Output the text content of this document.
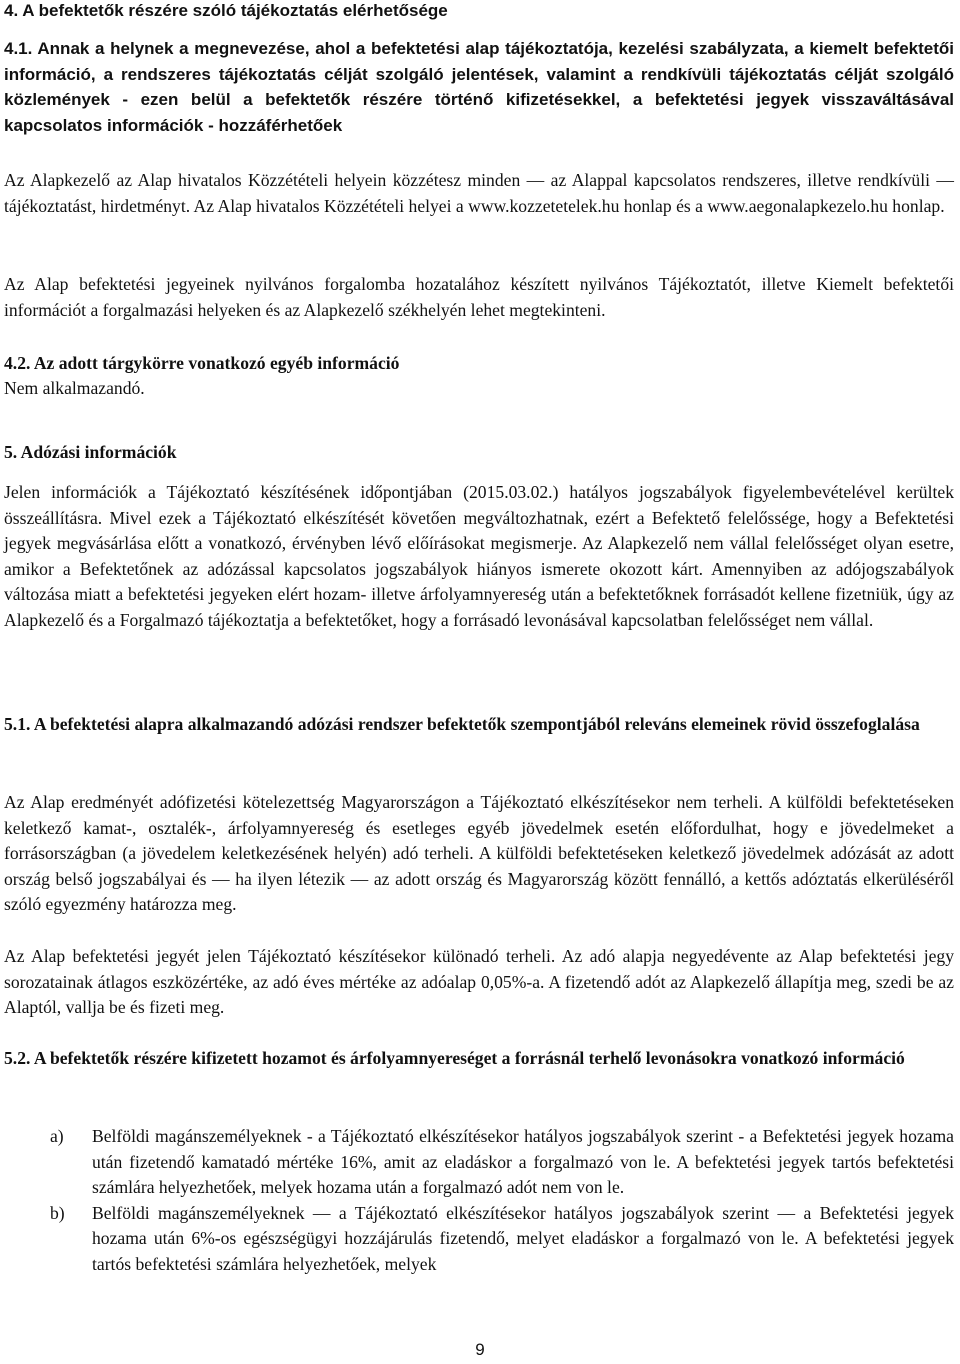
4. A befektetők részére szóló tájékoztatás elérhetősége
4.1. Annak a helynek a megnevezése, ahol a befektetési alap tájékoztatója, kezelési szabályzata, a kiemelt befektetői információ, a rendszeres tájékoztatás célját szolgáló jelentések, valamint a rendkívüli tájékoztatás célját szolgáló közlemények - ezen belül a befektetők részére történő kifizetésekkel, a befektetési jegyek visszaváltásával kapcsolatos információk - hozzáférhetőek

Az Alapkezelő az Alap hivatalos Közzétételi helyein közzétesz minden — az Alappal kapcsolatos rendszeres, illetve rendkívüli — tájékoztatást, hirdetményt. Az Alap hivatalos Közzétételi helyei a www.kozzetetelek.hu honlap és a www.aegonalapkezelo.hu honlap.

Az Alap befektetési jegyeinek nyilvános forgalomba hozatalához készített nyilvános Tájékoztatót, illetve Kiemelt befektetői információt a forgalmazási helyeken és az Alapkezelő székhelyén lehet megtekinteni.

4.2. Az adott tárgykörre vonatkozó egyéb információ
Nem alkalmazandó.
5. Adózási információk

Jelen információk a Tájékoztató készítésének időpontjában (2015.03.02.) hatályos jogszabályok figyelembevételével kerültek összeállításra. Mivel ezek a Tájékoztató elkészítését követően megváltozhatnak, ezért a Befektető felelőssége, hogy a Befektetési jegyek megvásárlása előtt a vonatkozó, érvényben lévő előírásokat megismerje. Az Alapkezelő nem vállal felelősséget olyan esetre, amikor a Befektetőnek az adózással kapcsolatos jogszabályok hiányos ismerete okozott kárt. Amennyiben az adójogszabályok változása miatt a befektetési jegyeken elért hozam- illetve árfolyamnyereség után a befektetőknek forrásadót kellene fizetniük, úgy az Alapkezelő és a Forgalmazó tájékoztatja a befektetőket, hogy a forrásadó levonásával kapcsolatban felelősséget nem vállal.

5.1. A befektetési alapra alkalmazandó adózási rendszer befektetők szempontjából releváns elemeinek rövid összefoglalása

Az Alap eredményét adófizetési kötelezettség Magyarországon a Tájékoztató elkészítésekor nem terheli. A külföldi befektetéseken keletkező kamat-, osztalék-, árfolyamnyereség és esetleges egyéb jövedelmek esetén előfordulhat, hogy e jövedelmeket a forrásországban (a jövedelem keletkezésének helyén) adó terheli. A külföldi befektetéseken keletkező jövedelmek adózását az adott ország belső jogszabályai és — ha ilyen létezik — az adott ország és Magyarország között fennálló, a kettős adóztatás elkerüléséről szóló egyezmény határozza meg.

Az Alap befektetési jegyét jelen Tájékoztató készítésekor különadó terheli. Az adó alapja negyedévente az Alap befektetési jegy sorozatainak átlagos eszközértéke, az adó éves mértéke az adóalap 0,05%-a. A fizetendő adót az Alapkezelő állapítja meg, szedi be az Alaptól, vallja be és fizeti meg.

5.2. A befektetők részére kifizetett hozamot és árfolyamnyereséget a forrásnál terhelő levonásokra vonatkozó információ
a)	Belföldi magánszemélyeknek - a Tájékoztató elkészítésekor hatályos jogszabályok szerint - a Befektetési jegyek hozama után fizetendő kamatadó mértéke 16%, amit az eladáskor a forgalmazó von le. A befektetési jegyek tartós befektetési számlára helyezhetőek, melyek hozama után a forgalmazó adót nem von le.
b)	Belföldi magánszemélyeknek — a Tájékoztató elkészítésekor hatályos jogszabályok szerint — a Befektetési jegyek hozama után 6%-os egészségügyi hozzájárulás fizetendő, melyet eladáskor a forgalmazó von le. A befektetési jegyek tartós befektetési számlára helyezhetőek, melyek
9
